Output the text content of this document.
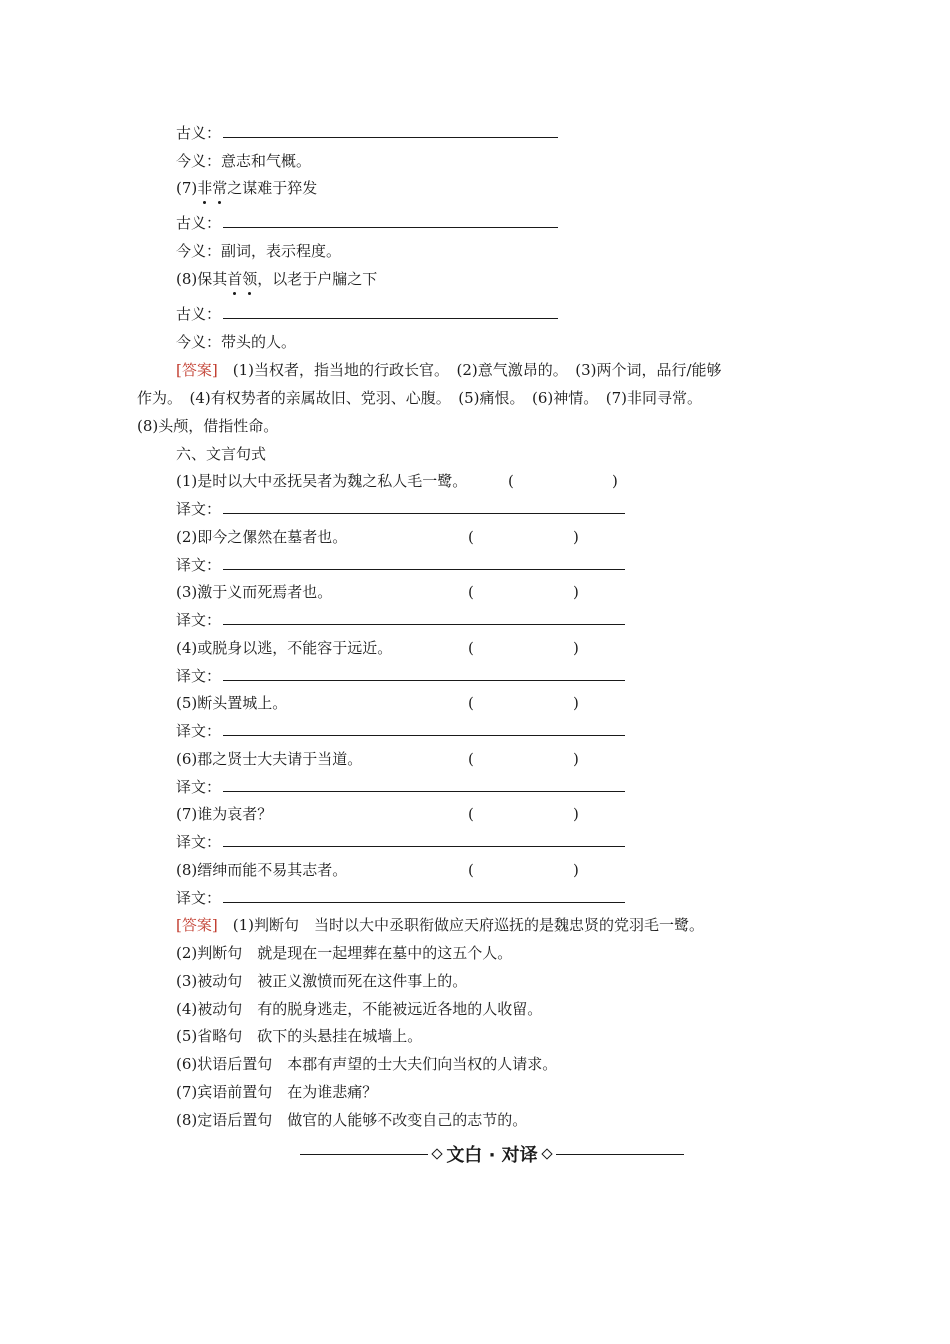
古义：
今义：意志和气概。
(7)非常之谋难于猝发
古义：
今义：副词，表示程度。
(8)保其首领，以老于户牖之下
古义：
今义：带头的人。
[答案]　 (1)当权者，指当地的行政长官。　(2)意气激昂的。　(3)两个词，品行/能够
作为。　(4)有权势者的亲属故旧、党羽、心腹。　(5)痛恨。　(6)神情。　(7)非同寻常。
(8)头颅，借指性命。
六、文言句式
(1)是时以大中丞抚吴者为魏之私人毛一鹭。	(	)
译文：
(2)即今之傫然在墓者也。	(	)
译文：
(3)激于义而死焉者也。	(	)
译文：
(4)或脱身以逃，不能容于远近。	(	)
译文：
(5)断头置城上。	(	)
译文：
(6)郡之贤士大夫请于当道。	(	)
译文：
(7)谁为哀者？	(	)
译文：
(8)缙绅而能不易其志者。	(	)
译文：
[答案]　 (1)判断句　当时以大中丞职衔做应天府巡抚的是魏忠贤的党羽毛一鹭。
(2)判断句　就是现在一起埋葬在墓中的这五个人。
(3)被动句　被正义激愤而死在这件事上的。
(4)被动句　有的脱身逃走，不能被远近各地的人收留。
(5)省略句　砍下的头悬挂在城墙上。
(6)状语后置句　本郡有声望的士大夫们向当权的人请求。
(7)宾语前置句　在为谁悲痛？
(8)定语后置句　做官的人能够不改变自己的志节的。
文白 · 对译
